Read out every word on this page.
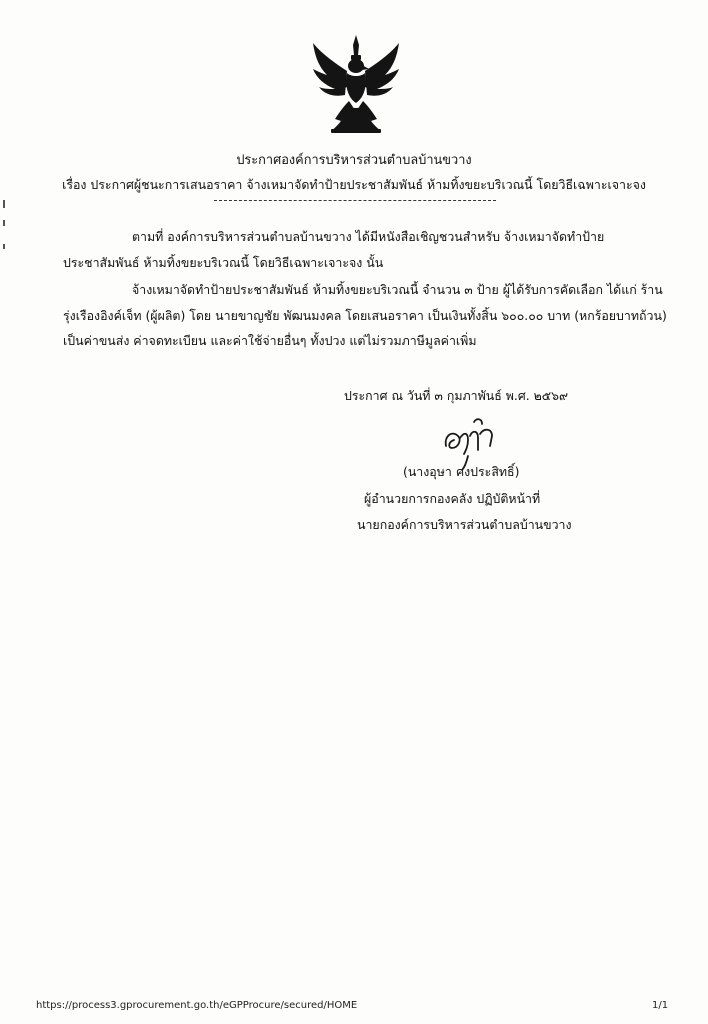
ประกาศองค์การบริหารส่วนตำบลบ้านขวาง
เรื่อง ประกาศผู้ชนะการเสนอราคา จ้างเหมาจัดทำป้ายประชาสัมพันธ์ ห้ามทิ้งขยะบริเวณนี้ โดยวิธีเฉพาะเจาะจง
ตามที่ องค์การบริหารส่วนตำบลบ้านขวาง ได้มีหนังสือเชิญชวนสำหรับ จ้างเหมาจัดทำป้าย
ประชาสัมพันธ์ ห้ามทิ้งขยะบริเวณนี้ โดยวิธีเฉพาะเจาะจง นั้น
จ้างเหมาจัดทำป้ายประชาสัมพันธ์ ห้ามทิ้งขยะบริเวณนี้ จำนวน ๓ ป้าย ผู้ได้รับการคัดเลือก ได้แก่ ร้าน
รุ่งเรืองอิงค์เจ็ท (ผู้ผลิต) โดย นายขาญชัย พัฒนมงคล โดยเสนอราคา เป็นเงินทั้งสิ้น ๖๐๐.๐๐ บาท (หกร้อยบาทถ้วน)
เป็นค่าขนส่ง ค่าจดทะเบียน และค่าใช้จ่ายอื่นๆ ทั้งปวง แต่ไม่รวมภาษีมูลค่าเพิ่ม
ประกาศ ณ วันที่ ๓ กุมภาพันธ์ พ.ศ. ๒๕๖๙
(นางอุษา คงประสิทธิ์)
ผู้อำนวยการกองคลัง ปฏิบัติหน้าที่
นายกองค์การบริหารส่วนตำบลบ้านขวาง
https://process3.gprocurement.go.th/eGPProcure/secured/HOME	1/1
